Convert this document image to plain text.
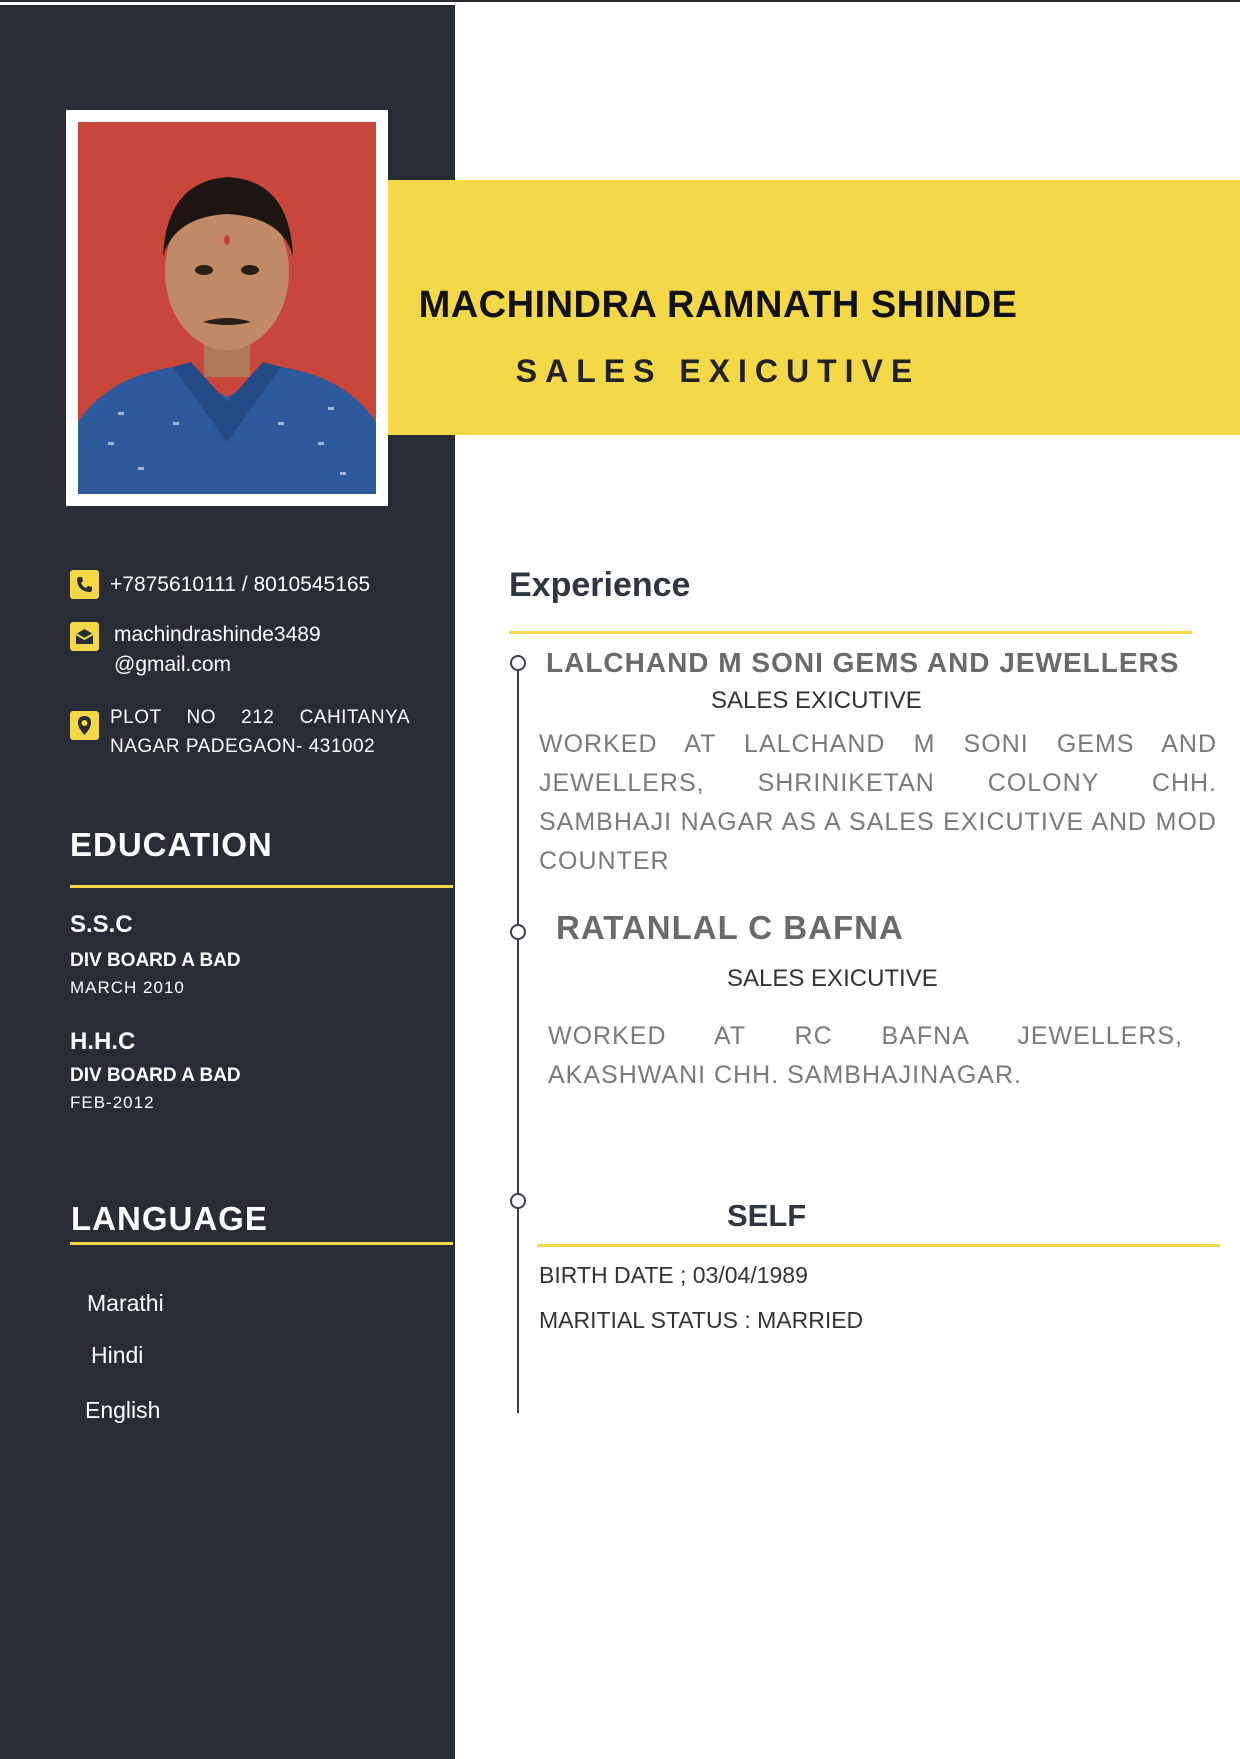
MACHINDRA RAMNATH SHINDE
SALES EXICUTIVE
+7875610111 / 8010545165
machindrashinde3489
@gmail.com
PLOT NO 212 CAHITANYA
NAGAR PADEGAON- 431002
EDUCATION
S.S.C
DIV BOARD A BAD
MARCH 2010
H.H.C
DIV BOARD A BAD
FEB-2012
LANGUAGE
Marathi
Hindi
English
Experience
LALCHAND M SONI GEMS AND JEWELLERS
SALES EXICUTIVE
WORKED AT LALCHAND M SONI GEMS AND JEWELLERS, SHRINIKETAN COLONY CHH. SAMBHAJI NAGAR AS A SALES EXICUTIVE AND MOD COUNTER
RATANLAL C BAFNA
SALES EXICUTIVE
WORKED AT RC BAFNA JEWELLERS, AKASHWANI CHH. SAMBHAJINAGAR.
SELF
BIRTH DATE ; 03/04/1989
MARITIAL STATUS : MARRIED
